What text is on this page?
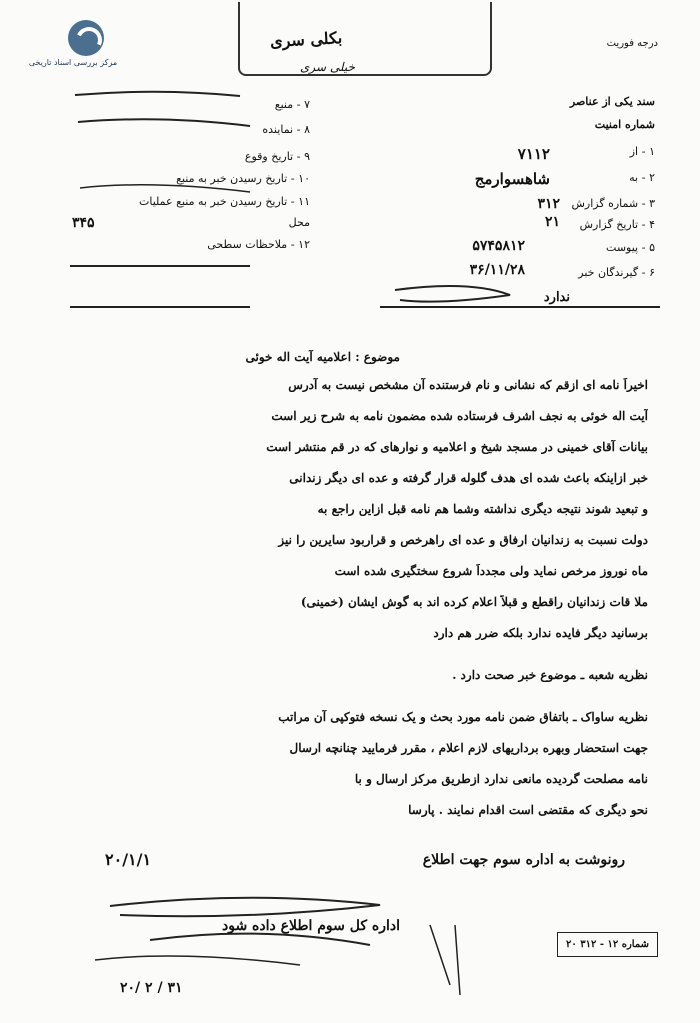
مرکز بررسی اسناد تاریخی
بکلی سری
خیلی سری
درجه فوریت
سند یکی از عناصر
شماره امنیت
۱ - از
۲ - به
۳ - شماره گزارش
۴ - تاریخ گزارش
۵ - پیوست
۶ - گیرندگان خبر
۷۱۱۲
شاهسوارمج
۳۱۲
۲۱
۵۷۴۵۸۱۲
۳۶/۱۱/۲۸
ندارد
۷ - منبع
۸ - نماینده
۹ - تاریخ وقوع
۱۰ - تاریخ رسیدن خبر به منبع
۱۱ - تاریخ رسیدن خبر به منبع عملیات
محل
۱۲ - ملاحظات سطحی
۳۴۵
موضوع : اعلامیه آیت اله خوئی
اخیراً نامه ای ازقم که نشانی و نام فرستنده آن مشخص نیست به آدرس
آیت اله خوئی به نجف اشرف فرستاده شده مضمون نامه به شرح زیر است
بیانات آقای خمینی در مسجد شیخ و اعلامیه و نوارهای که در قم منتشر است
خبر ازاینکه باعث شده ای هدف گلوله قرار گرفته و عده ای دیگر زندانی
و تبعید شوند نتیجه دیگری نداشته وشما هم نامه قبل ازاین راجع به
دولت نسبت به زندانیان ارفاق و عده ای راهرخص و قراربود سایرین را نیز
ماه نوروز مرخص نماید ولی مجدداً شروع سختگیری شده است
ملا قات زندانیان راقطع و قبلاً اعلام کرده اند به گوش ایشان (خمینی)
برسانید دیگر فایده ندارد بلکه ضرر هم دارد
نظریه شعبه ـ موضوع خبر صحت دارد .
نظریه ساواک ـ باتفاق ضمن نامه مورد بحث و یک نسخه فتوکپی آن مراتب
جهت استحضار وبهره برداریهای لازم اعلام ، مقرر فرمایید چنانچه ارسال
نامه مصلحت گردیده مانعی ندارد ازطریق مرکز ارسال و با
نحو دیگری که مقتضی است اقدام نمایند . پارسا
رونوشت به اداره سوم جهت اطلاع
۲۰/۱/۱
اداره کل سوم اطلاع داده شود
شماره ۱۲ - ۳۱۲ ۲۰
۳۱ / ۲ /۲۰
